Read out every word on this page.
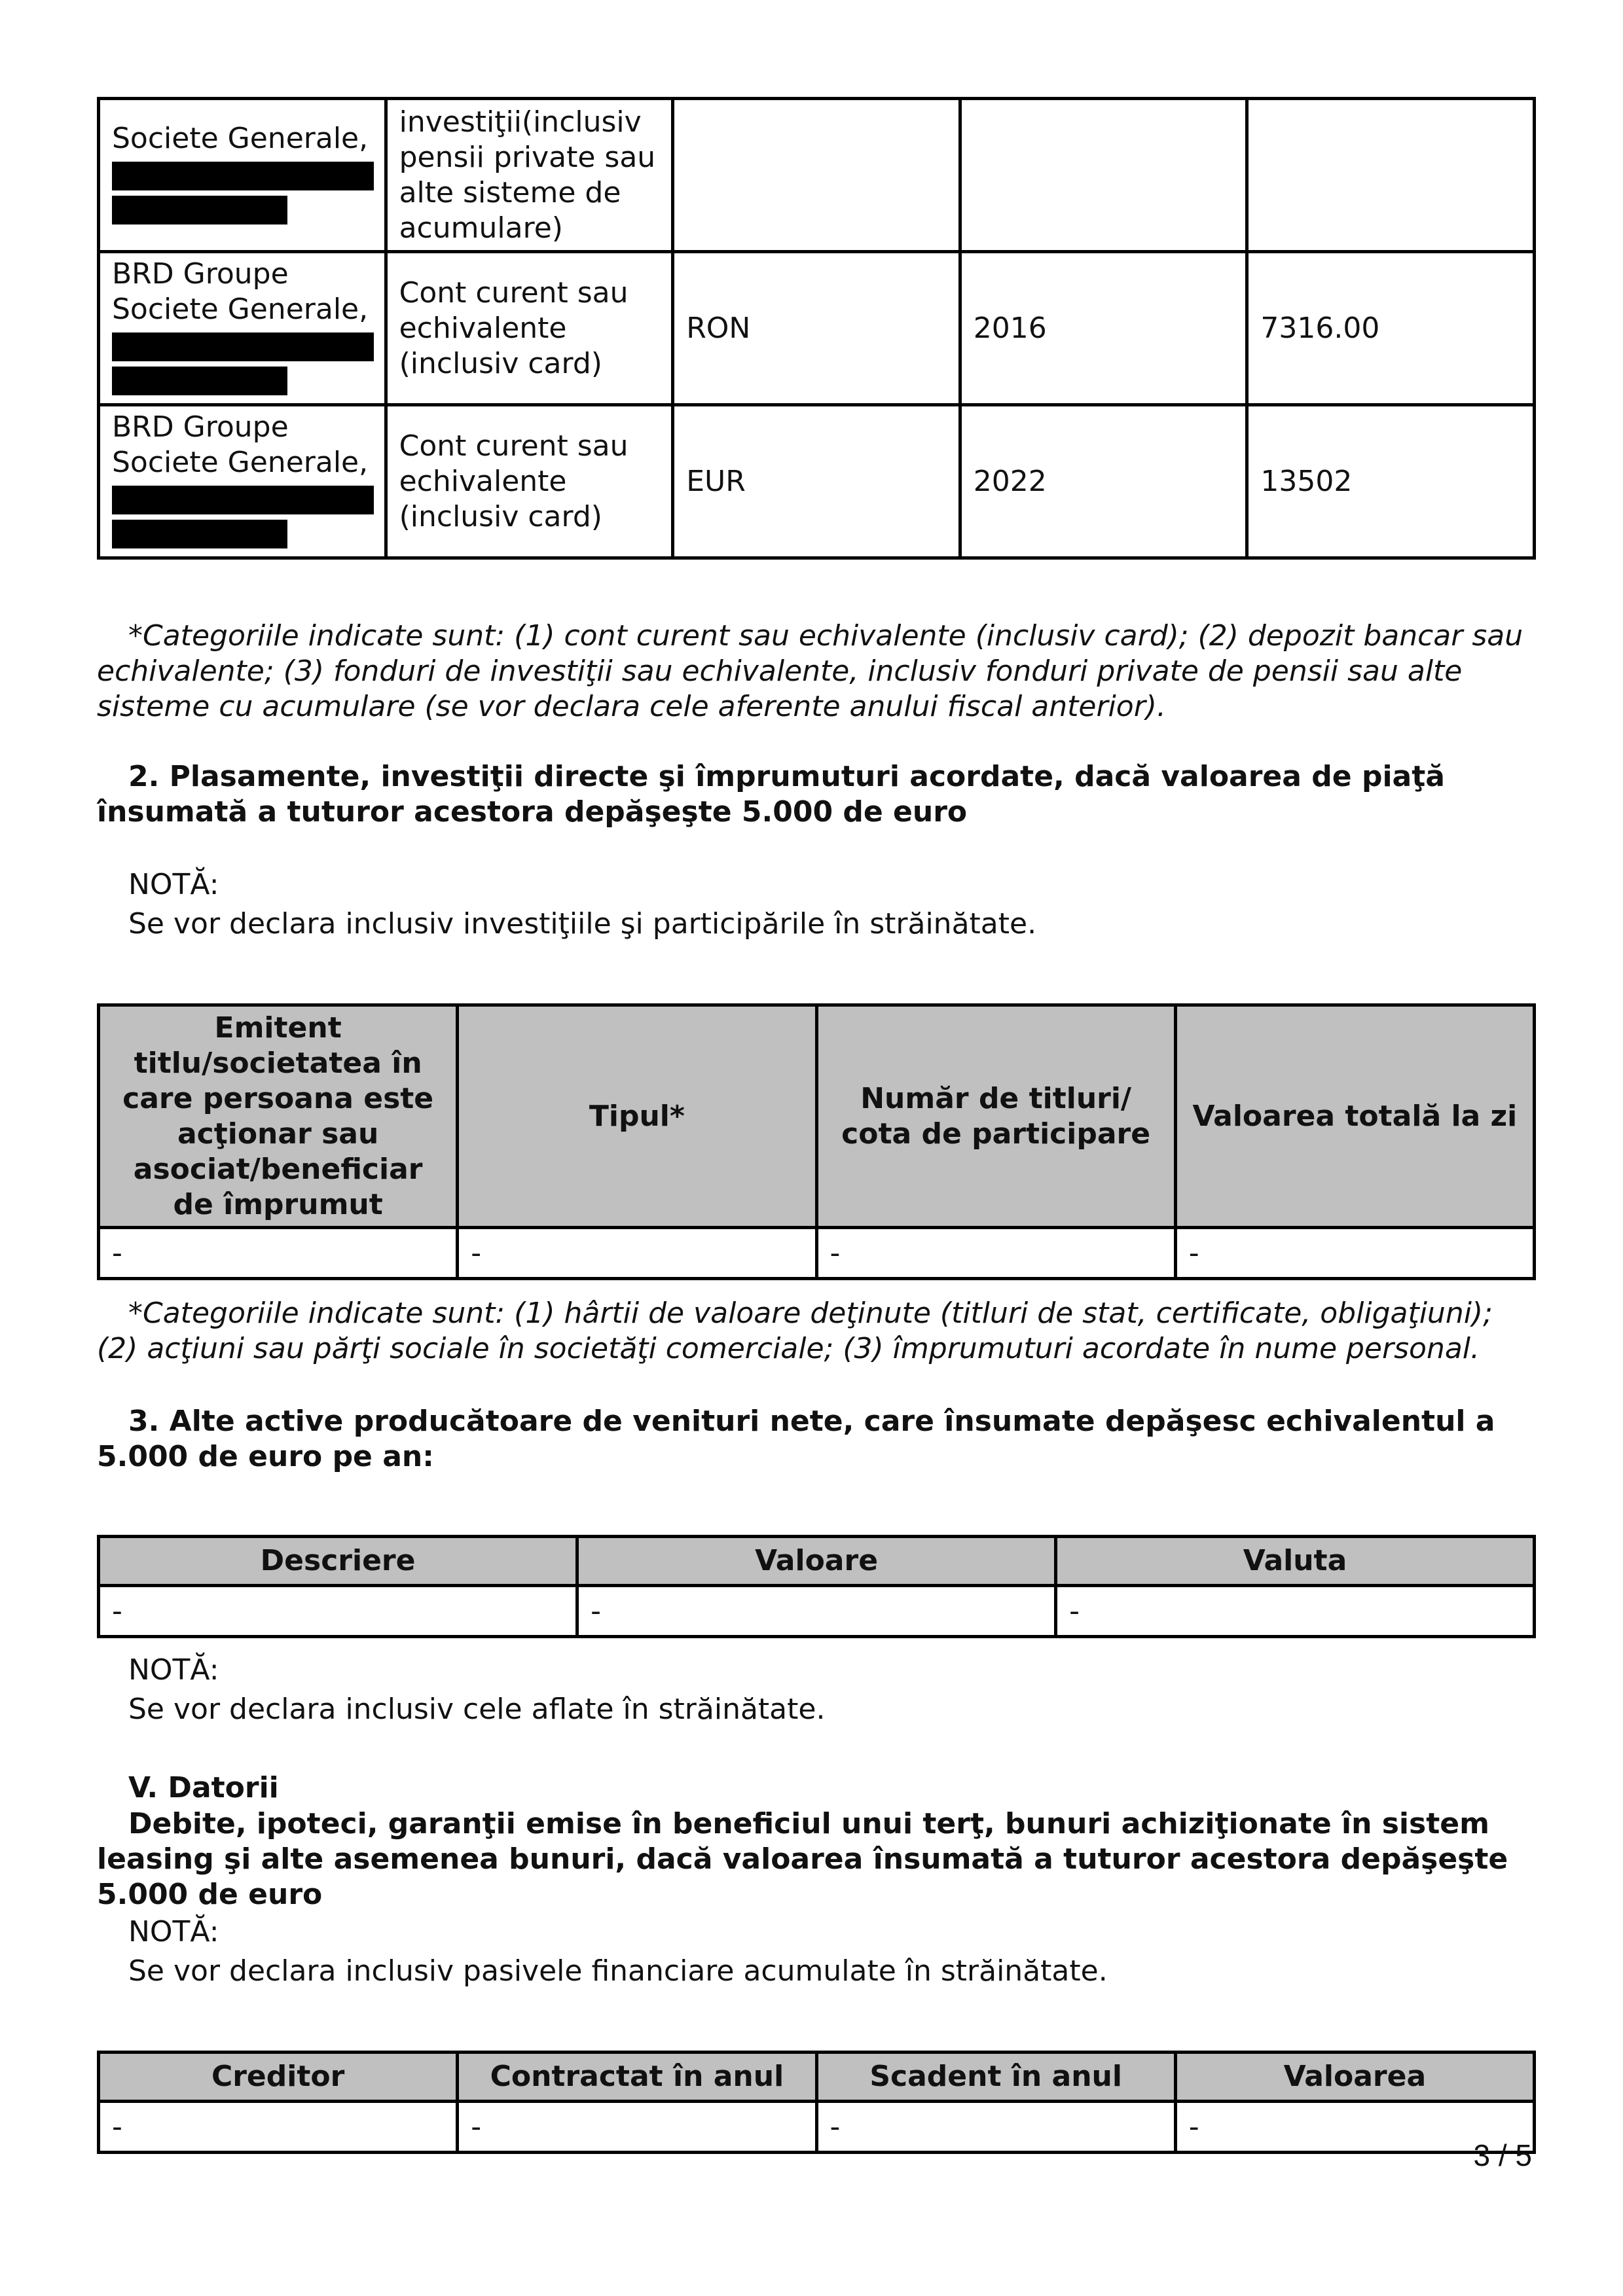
Societe Generale,	investiţii(inclusiv pensii private sau alte sisteme de acumulare)			
BRD Groupe Societe Generale,	Cont curent sau echivalente (inclusiv card)	RON	2016	7316.00
BRD Groupe Societe Generale,	Cont curent sau echivalente (inclusiv card)	EUR	2022	13502

*Categoriile indicate sunt: (1) cont curent sau echivalente (inclusiv card); (2) depozit bancar sau echivalente; (3) fonduri de investiţii sau echivalente, inclusiv fonduri private de pensii sau alte sisteme cu acumulare (se vor declara cele aferente anului fiscal anterior).

2. Plasamente, investiţii directe şi împrumuturi acordate, dacă valoarea de piaţă însumată a tuturor acestora depăşeşte 5.000 de euro

NOTĂ:

Se vor declara inclusiv investiţiile şi participările în străinătate.

Emitent titlu/societatea în care persoana este acţionar sau asociat/beneficiar de împrumut	Tipul*	Număr de titluri/ cota de participare	Valoarea totală la zi
-	-	-	-

*Categoriile indicate sunt: (1) hârtii de valoare deţinute (titluri de stat, certificate, obligaţiuni); (2) acţiuni sau părţi sociale în societăţi comerciale; (3) împrumuturi acordate în nume personal.

3. Alte active producătoare de venituri nete, care însumate depăşesc echivalentul a 5.000 de euro pe an:

Descriere	Valoare	Valuta
-	-	-

NOTĂ:

Se vor declara inclusiv cele aflate în străinătate.

V. Datorii

Debite, ipoteci, garanţii emise în beneficiul unui terţ, bunuri achiziţionate în sistem leasing şi alte asemenea bunuri, dacă valoarea însumată a tuturor acestora depăşeşte 5.000 de euro

NOTĂ:

Se vor declara inclusiv pasivele financiare acumulate în străinătate.

Creditor	Contractat în anul	Scadent în anul	Valoarea
-	-	-	-
3 / 5
